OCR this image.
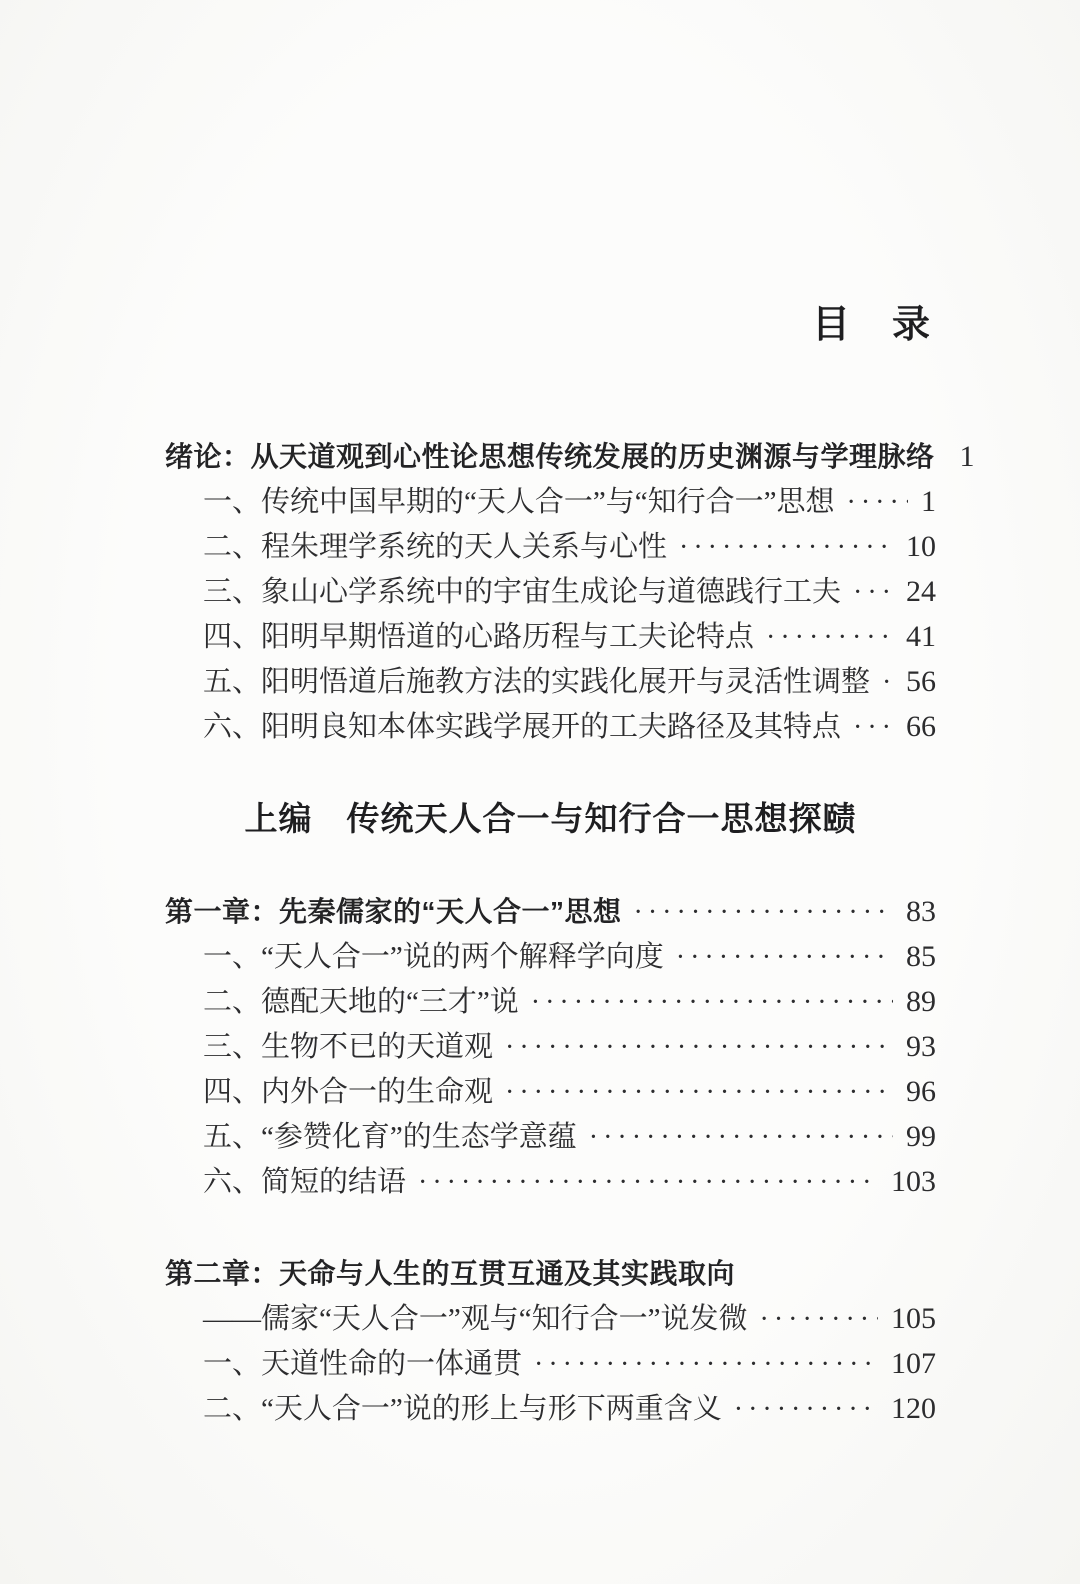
目　录
绪论：从天道观到心性论思想传统发展的历史渊源与学理脉络 1
一、传统中国早期的“天人合一”与“知行合一”思想 ·····	1
二、程朱理学系统的天人关系与心性 ·····	10
三、象山心学系统中的宇宙生成论与道德践行工夫 ····· 24
四、阳明早期悟道的心路历程与工夫论特点 ·····	41
五、阳明悟道后施教方法的实践化展开与灵活性调整 ····· 56
六、阳明良知本体实践学展开的工夫路径及其特点 ····· 66
上编　传统天人合一与知行合一思想探赜
第一章：先秦儒家的“天人合一”思想 ·····	83
一、“天人合一”说的两个解释学向度 ·····	85
二、德配天地的“三才”说 ·····	89
三、生物不已的天道观 ·····	93
四、内外合一的生命观 ·····	96
五、“参赞化育”的生态学意蕴 ·····	99
六、简短的结语 ·····	103
第二章：天命与人生的互贯互通及其实践取向
——儒家“天人合一”观与“知行合一”说发微 ·····	105
一、天道性命的一体通贯 ·····	107
二、“天人合一”说的形上与形下两重含义 ·····	120
